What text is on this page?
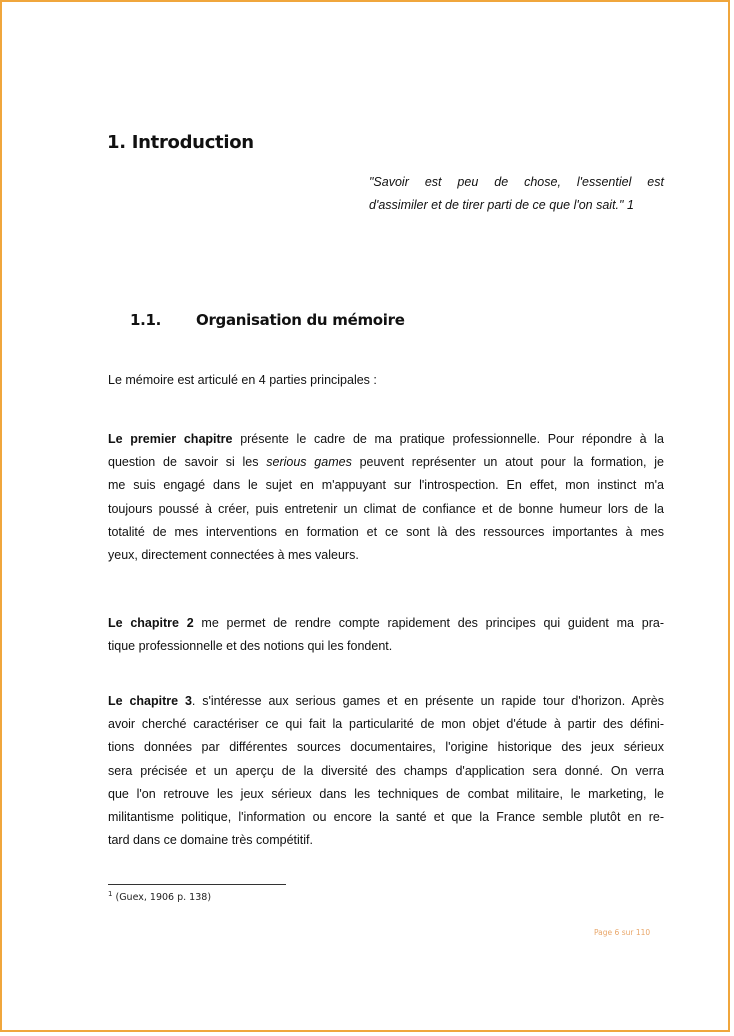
1. Introduction
"Savoir est peu de chose, l'essentiel est
d'assimiler et de tirer parti de ce que l'on sait." 1
1.1. Organisation du mémoire
Le mémoire est articulé en 4 parties principales :
Le premier chapitre présente le cadre de ma pratique professionnelle. Pour répondre à la
question de savoir si les serious games peuvent représenter un atout pour la formation, je
me suis engagé dans le sujet en m'appuyant sur l'introspection. En effet, mon instinct m'a
toujours poussé à créer, puis entretenir un climat de confiance et de bonne humeur lors de la
totalité de mes interventions en formation et ce sont là des ressources importantes à mes
yeux, directement connectées à mes valeurs.
Le chapitre 2 me permet de rendre compte rapidement des principes qui guident ma pra-
tique professionnelle et des notions qui les fondent.
Le chapitre 3. s'intéresse aux serious games et en présente un rapide tour d'horizon. Après
avoir cherché caractériser ce qui fait la particularité de mon objet d'étude à partir des défini-
tions données par différentes sources documentaires, l'origine historique des jeux sérieux
sera précisée et un aperçu de la diversité des champs d'application sera donné. On verra
que l'on retrouve les jeux sérieux dans les techniques de combat militaire, le marketing, le
militantisme politique, l'information ou encore la santé et que la France semble plutôt en re-
tard dans ce domaine très compétitif.
$^1$ (Guex, 1906 p. 138)
Page 6 sur 110
